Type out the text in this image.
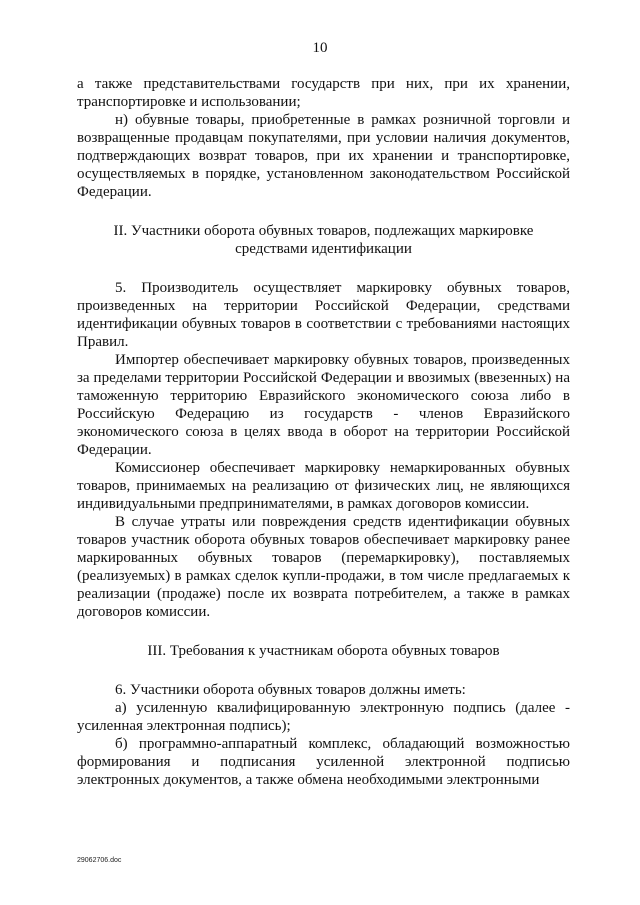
10

а также представительствами государств при них, при их хранении, транспортировке и использовании;

н) обувные товары, приобретенные в рамках розничной торговли и возвращенные продавцам покупателями, при условии наличия документов, подтверждающих возврат товаров, при их хранении и транспортировке, осуществляемых в порядке, установленном законодательством Российской Федерации.

II. Участники оборота обувных товаров, подлежащих маркировке средствами идентификации

5. Производитель осуществляет маркировку обувных товаров, произведенных на территории Российской Федерации, средствами идентификации обувных товаров в соответствии с требованиями настоящих Правил.

Импортер обеспечивает маркировку обувных товаров, произведенных за пределами территории Российской Федерации и ввозимых (ввезенных) на таможенную территорию Евразийского экономического союза либо в Российскую Федерацию из государств - членов Евразийского экономического союза в целях ввода в оборот на территории Российской Федерации.

Комиссионер обеспечивает маркировку немаркированных обувных товаров, принимаемых на реализацию от физических лиц, не являющихся индивидуальными предпринимателями, в рамках договоров комиссии.

В случае утраты или повреждения средств идентификации обувных товаров участник оборота обувных товаров обеспечивает маркировку ранее маркированных обувных товаров (перемаркировку), поставляемых (реализуемых) в рамках сделок купли-продажи, в том числе предлагаемых к реализации (продаже) после их возврата потребителем, а также в рамках договоров комиссии.

III. Требования к участникам оборота обувных товаров

6. Участники оборота обувных товаров должны иметь:

а) усиленную квалифицированную электронную подпись (далее - усиленная электронная подпись);

б) программно-аппаратный комплекс, обладающий возможностью формирования и подписания усиленной электронной подписью электронных документов, а также обмена необходимыми электронными

29062706.doc
